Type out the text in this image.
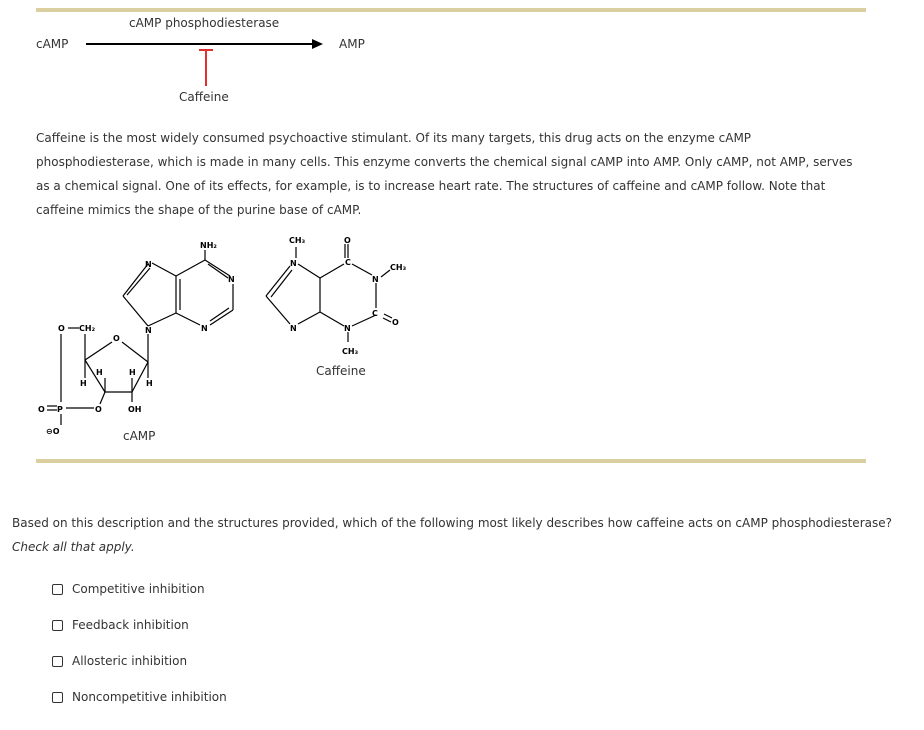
cAMP phosphodiesterase
cAMP	AMP
Caffeine
Caffeine is the most widely consumed psychoactive stimulant. Of its many targets, this drug acts on the enzyme cAMP phosphodiesterase, which is made in many cells. This enzyme converts the chemical signal cAMP into AMP. Only cAMP, not AMP, serves as a chemical signal. One of its effects, for example, is to increase heart rate. The structures of caffeine and cAMP follow. Note that caffeine mimics the shape of the purine base of cAMP.
NH₂
N
N
N	N
O
O CH₂
H
H
H
H
OH
O P	O
⊖O
CH₃	O
N	C
N
CH₃
C
O
N	N
CH₃
cAMP
Caffeine
Based on this description and the structures provided, which of the following most likely describes how caffeine acts on cAMP phosphodiesterase? Check all that apply.
Competitive inhibition
Feedback inhibition
Allosteric inhibition
Noncompetitive inhibition
